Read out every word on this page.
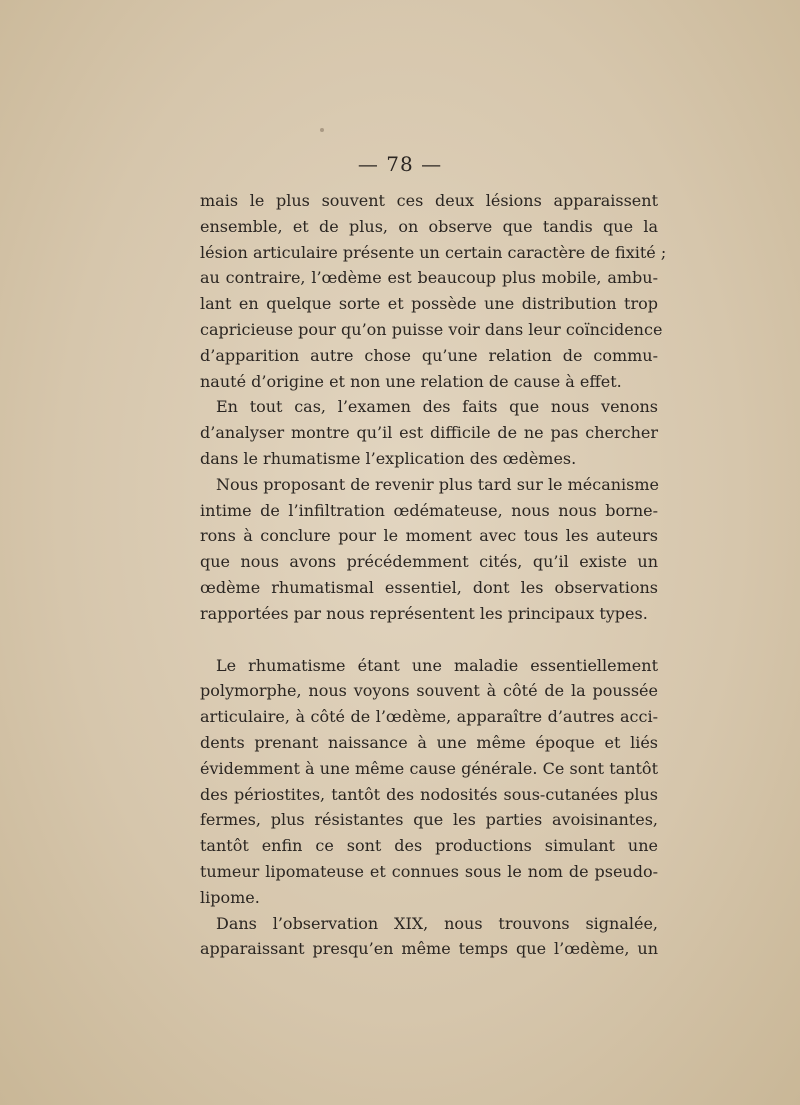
— 78 —
mais le plus souvent ces deux lésions apparaissent
ensemble, et de plus, on observe que tandis que la
lésion articulaire présente un certain caractère de fixité ;
au contraire, l’œdème est beaucoup plus mobile, ambu-
lant en quelque sorte et possède une distribution trop
capricieuse pour qu’on puisse voir dans leur coïncidence
d’apparition autre chose qu’une relation de commu-
nauté d’origine et non une relation de cause à effet.
En tout cas, l’examen des faits que nous venons
d’analyser montre qu’il est difficile de ne pas chercher
dans le rhumatisme l’explication des œdèmes.
Nous proposant de revenir plus tard sur le mécanisme
intime de l’infiltration œdémateuse, nous nous borne-
rons à conclure pour le moment avec tous les auteurs
que nous avons précédemment cités, qu’il existe un
œdème rhumatismal essentiel, dont les observations
rapportées par nous représentent les principaux types.
Le rhumatisme étant une maladie essentiellement
polymorphe, nous voyons souvent à côté de la poussée
articulaire, à côté de l’œdème, apparaître d’autres acci-
dents prenant naissance à une même époque et liés
évidemment à une même cause générale. Ce sont tantôt
des périostites, tantôt des nodosités sous-cutanées plus
fermes, plus résistantes que les parties avoisinantes,
tantôt enfin ce sont des productions simulant une
tumeur lipomateuse et connues sous le nom de pseudo-
lipome.
Dans l’observation XIX, nous trouvons signalée,
apparaissant presqu’en même temps que l’œdème, un
